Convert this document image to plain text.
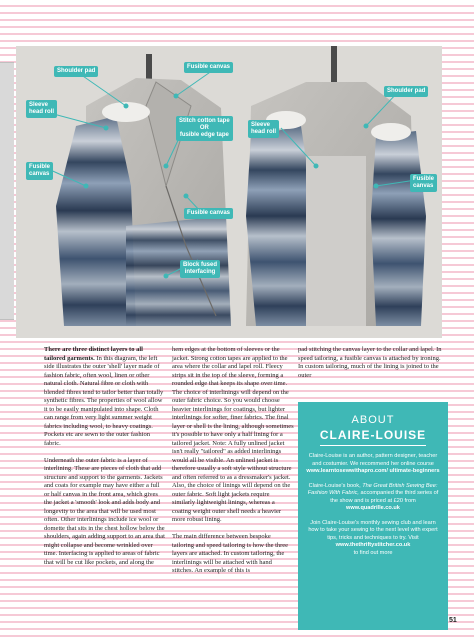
Shoulder pad
Fusible canvas
Sleeve
head roll
Stitch cotton tape
OR
fusible edge tape
Fusible
canvas
Fusible canvas
Block fused
interfacing
Shoulder pad
Sleeve
head roll
Fusible
canvas

There are three distinct layers to all tailored garments. In this diagram, the left side illustrates the outer 'shell' layer made of fashion fabric, often wool, linen or other natural cloth. Natural fibre or cloth with blended fibres tend to tailor better than totally synthetic fibres. The properties of wool allow it to be easily manipulated into shape. Cloth can range from very light summer weight fabrics including wool, to heavy coatings. Pockets etc are sewn to the outer fashion fabric.

Underneath the outer fabric is a layer of interlining. These are pieces of cloth that add structure and support to the garments. Jackets and coats for example may have either a full or half canvas in the front area, which gives the jacket a 'smooth' look and adds body and longevity to the area that will be used most often. Other interlinings include ice wool or domette that sits in the chest hollow below the shoulders, again adding support to an area that might collapse and become wrinkled over time. Interfacing is applied to areas of fabric that will be cut like pockets, and along the

hem edges at the bottom of sleeves or the jacket. Strong cotton tapes are applied to the area where the collar and lapel roll. Fleecy strips sit in the top of the sleeve, forming a rounded edge that keeps its shape over time. The choice of interlinings will depend on the outer fabric choice. So you would choose heavier interlinings for coatings, but lighter interlinings for softer, finer fabrics. The final layer or shell is the lining, although sometimes it's possible to have only a half lining for a tailored jacket. Note: A fully unlined jacket isn't really "tailored" as added interlinings would all be visible. An unlined jacket is therefore usually a soft style without structure and often referred to as a dressmaker's jacket. Also, the choice of linings will depend on the outer fabric. Soft light jackets require similarly lightweight linings, whereas a coating weight outer shell needs a heavier more robust lining.

The main difference between bespoke tailoring and speed tailoring is how the three layers are attached. In custom tailoring, the interlinings will be attached with hand stitches. An example of this is

pad stitching the canvas layer to the collar and lapel. In speed tailoring, a fusible canvas is attached by ironing. In custom tailoring, much of the lining is joined to the outer

ABOUT
CLAIRE-LOUISE

Claire-Louise is an author, pattern designer, teacher and costumier. We recommend her online course
www.learntosewwithapro.com/ ultimate-beginners

Claire-Louise's book, The Great British Sewing Bee: Fashion With Fabric, accompanied the third series of the show and is priced at £20 from
www.quadrille.co.uk

Join Claire-Louise's monthly sewing club and learn how to take your sewing to the next level with expert tips, tricks and techniques to try. Visit
www.thethriftystitcher.co.uk
to find out more

51
